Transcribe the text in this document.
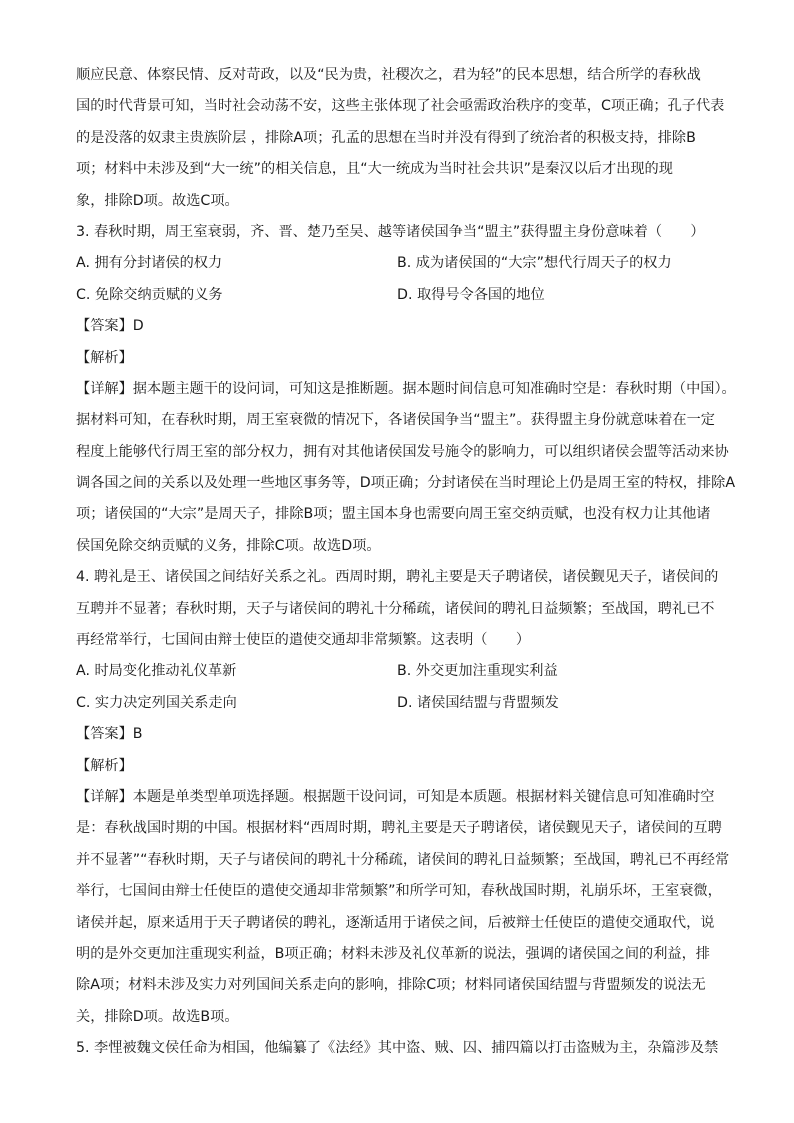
顺应民意、体察民情、反对苛政，以及“民为贵，社稷次之，君为轻”的民本思想，结合所学的春秋战
国的时代背景可知，当时社会动荡不安，这些主张体现了社会亟需政治秩序的变革，C项正确；孔子代表
的是没落的奴隶主贵族阶层 ，排除A项；孔孟的思想在当时并没有得到了统治者的积极支持，排除B
项；材料中未涉及到“大一统”的相关信息，且“大一统成为当时社会共识”是秦汉以后才出现的现
象，排除D项。故选C项。
3. 春秋时期，周王室衰弱，齐、晋、楚乃至吴、越等诸侯国争当“盟主”获得盟主身份意味着（　　）
A. 拥有分封诸侯的权力	B. 成为诸侯国的“大宗”想代行周天子的权力
C. 免除交纳贡赋的义务	D. 取得号令各国的地位
【答案】D
【解析】
【详解】据本题主题干的设问词，可知这是推断题。据本题时间信息可知准确时空是：春秋时期（中国）。
据材料可知，在春秋时期，周王室衰微的情况下，各诸侯国争当“盟主”。获得盟主身份就意味着在一定
程度上能够代行周王室的部分权力，拥有对其他诸侯国发号施令的影响力，可以组织诸侯会盟等活动来协
调各国之间的关系以及处理一些地区事务等，D项正确；分封诸侯在当时理论上仍是周王室的特权，排除A
项；诸侯国的“大宗”是周天子，排除B项；盟主国本身也需要向周王室交纳贡赋，也没有权力让其他诸
侯国免除交纳贡赋的义务，排除C项。故选D项。
4. 聘礼是王、诸侯国之间结好关系之礼。西周时期，聘礼主要是天子聘诸侯，诸侯觐见天子，诸侯间的
互聘并不显著；春秋时期，天子与诸侯间的聘礼十分稀疏，诸侯间的聘礼日益频繁；至战国，聘礼已不
再经常举行，七国间由辩士使臣的遣使交通却非常频繁。这表明（　　）
A. 时局变化推动礼仪革新	B. 外交更加注重现实利益
C. 实力决定列国关系走向	D. 诸侯国结盟与背盟频发
【答案】B
【解析】
【详解】本题是单类型单项选择题。根据题干设问词，可知是本质题。根据材料关键信息可知准确时空
是：春秋战国时期的中国。根据材料“西周时期，聘礼主要是天子聘诸侯，诸侯觐见天子，诸侯间的互聘
并不显著”“春秋时期，天子与诸侯间的聘礼十分稀疏，诸侯间的聘礼日益频繁；至战国，聘礼已不再经常
举行，七国间由辩士任使臣的遣使交通却非常频繁”和所学可知，春秋战国时期，礼崩乐坏，王室衰微，
诸侯并起，原来适用于天子聘诸侯的聘礼，逐渐适用于诸侯之间，后被辩士任使臣的遣使交通取代，说
明的是外交更加注重现实利益，B项正确；材料未涉及礼仪革新的说法，强调的诸侯国之间的利益，排
除A项；材料未涉及实力对列国间关系走向的影响，排除C项；材料同诸侯国结盟与背盟频发的说法无
关，排除D项。故选B项。
5. 李悝被魏文侯任命为相国，他编纂了《法经》其中盗、贼、囚、捕四篇以打击盗贼为主，杂篇涉及禁
